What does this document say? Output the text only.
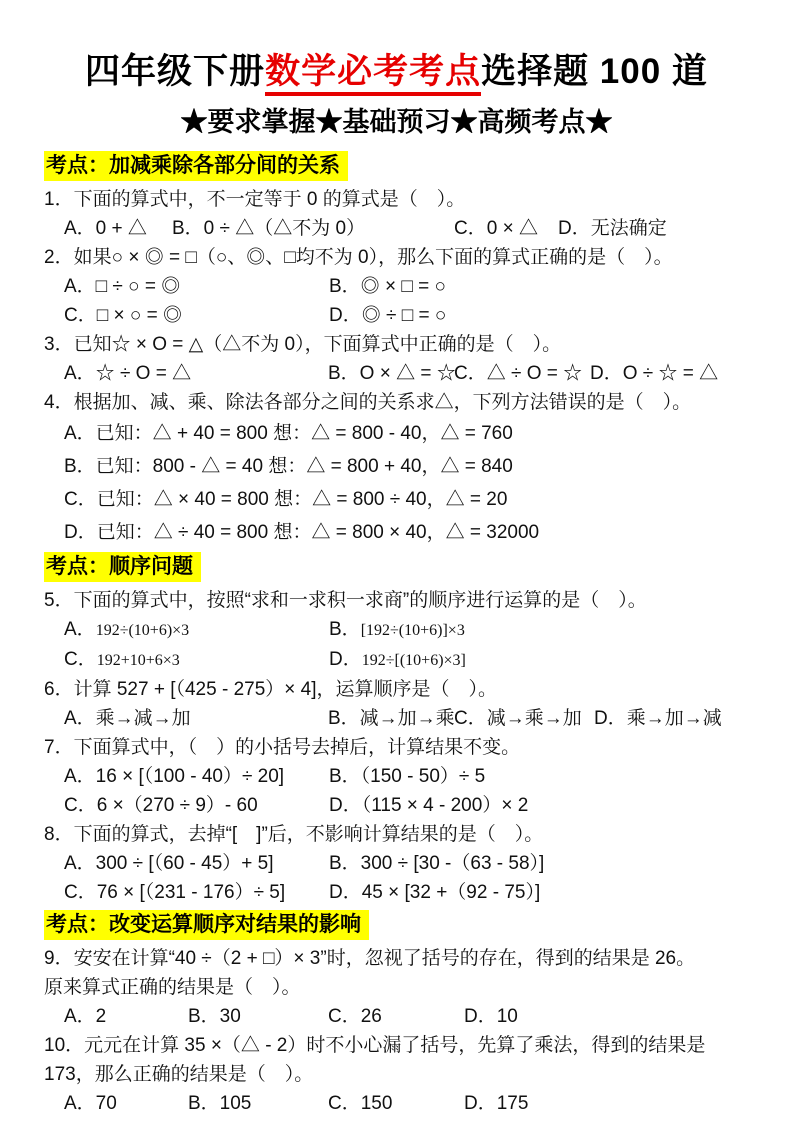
四年级下册数学必考考点选择题 100 道
★要求掌握★基础预习★高频考点★
考点：加减乘除各部分间的关系
1．下面的算式中，不一定等于 0 的算式是（　）。
A．0 + △	B．0 ÷ △（△不为 0）	C．0 × △	D．无法确定
2．如果○ × ◎ = □（○、◎、□均不为 0），那么下面的算式正确的是（　）。
A．□ ÷ ○ = ◎	B．◎ × □ = ○
C．□ × ○ = ◎	D．◎ ÷ □ = ○
3．已知☆ × O = △（△不为 0），下面算式中正确的是（　）。
A．☆ ÷ O = △	B．O × △ = ☆
C．△ ÷ O = ☆ D．O ÷ ☆ = △
4．根据加、减、乘、除法各部分之间的关系求△，下列方法错误的是（　）。
A．已知：△ + 40 = 800 想：△ = 800 - 40，△ = 760
B．已知：800 - △ = 40 想：△ = 800 + 40，△ = 840
C．已知：△ × 40 = 800 想：△ = 800 ÷ 40，△ = 20
D．已知：△ ÷ 40 = 800 想：△ = 800 × 40，△ = 32000
考点：顺序问题
5．下面的算式中，按照“求和一求积一求商”的顺序进行运算的是（　）。
A．192÷(10+6)×3	B．[192÷(10+6)]×3
C．192+10+6×3	D．192÷[(10+6)×3]
6．计算 527 + [（425 - 275）× 4]，运算顺序是（　）。
A．乘→减→加	B．减→加→乘 C．减→乘→加 D．乘→加→减
7．下面算式中，（　）的小括号去掉后，计算结果不变。
A．16 × [（100 - 40）÷ 20]	B．（150 - 50）÷ 5
C．6 ×（270 ÷ 9）- 60	D．（115 × 4 - 200）× 2
8．下面的算式，去掉“[　]”后，不影响计算结果的是（　）。
A．300 ÷ [（60 - 45）+ 5]	B．300 ÷ [30 -（63 - 58）]
C．76 × [（231 - 176）÷ 5]	D．45 × [32 +（92 - 75）]
考点：改变运算顺序对结果的影响
9．安安在计算“40 ÷（2 + □）× 3”时，忽视了括号的存在，得到的结果是 26。
原来算式正确的结果是（　）。
A．2	B．30	C．26	D．10
10．元元在计算 35 ×（△ - 2）时不小心漏了括号，先算了乘法，得到的结果是
173，那么正确的结果是（　）。
A．70	B．105	C．150	D．175
